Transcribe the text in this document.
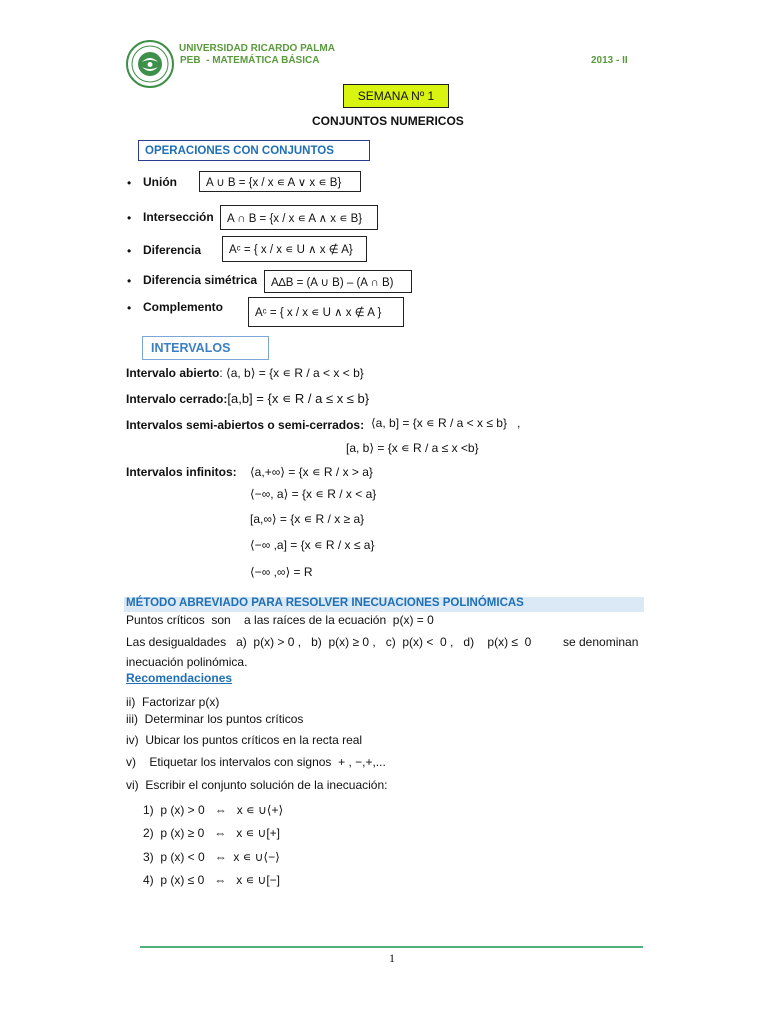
UNIVERSIDAD RICARDO PALMA
PEB  - MATEMÁTICA BÁSICA	2013 - II
SEMANA Nº 1
CONJUNTOS NUMERICOS
OPERACIONES CON CONJUNTOS
• Unión	A ∪ B = {x / x ∊ A ∨ x ∊ B}
• Intersección	A ∩ B = {x / x ∊ A ∧ x ∊ B}
• Diferencia	Aᶜ = { x / x ∊ U ∧ x ∉ A}
• Diferencia simétrica	A∆B = (A ∪ B) – (A ∩ B)
• Complemento	Aᶜ = { x / x ∊ U ∧ x ∉ A }
INTERVALOS
Intervalo abierto: ⟨a, b⟩ = {x ∊ R / a < x < b}
Intervalo cerrado:[a,b] = {x ∊ R / a ≤ x ≤ b}
Intervalos semi-abiertos o semi-cerrados: ⟨a, b] = {x ∊ R / a < x ≤ b}   ,
[a, b⟩ = {x ∊ R / a ≤ x <b}
Intervalos infinitos: ⟨a,+∞⟩ = {x ∊ R / x > a}
⟨−∞, a⟩ = {x ∊ R / x < a}
[a,∞⟩ = {x ∊ R / x ≥ a}
⟨−∞ ,a] = {x ∊ R / x ≤ a}
⟨−∞ ,∞⟩ = R
MÉTODO ABREVIADO PARA RESOLVER INECUACIONES POLINÓMICAS
Puntos críticos  son    a las raíces de la ecuación  p(x) = 0
Las desigualdades   a)  p(x) > 0 ,   b)  p(x) ≥ 0 ,   c)  p(x) <  0 ,   d)    p(x) ≤  0	se denominan
inecuación polinómica.
Recomendaciones
ii)  Factorizar p(x)
iii)  Determinar los puntos críticos
iv)  Ubicar los puntos críticos en la recta real
v)    Etiquetar los intervalos con signos  + , −,+,...
vi)  Escribir el conjunto solución de la inecuación:
1)  p (x) > 0   ⇔   x ∊ ∪⟨+⟩
2)  p (x) ≥ 0   ⇔   x ∊ ∪[+]
3)  p (x) < 0   ⇔  x ∊ ∪⟨−⟩
4)  p (x) ≤ 0   ⇔   x ∊ ∪[−]
1
